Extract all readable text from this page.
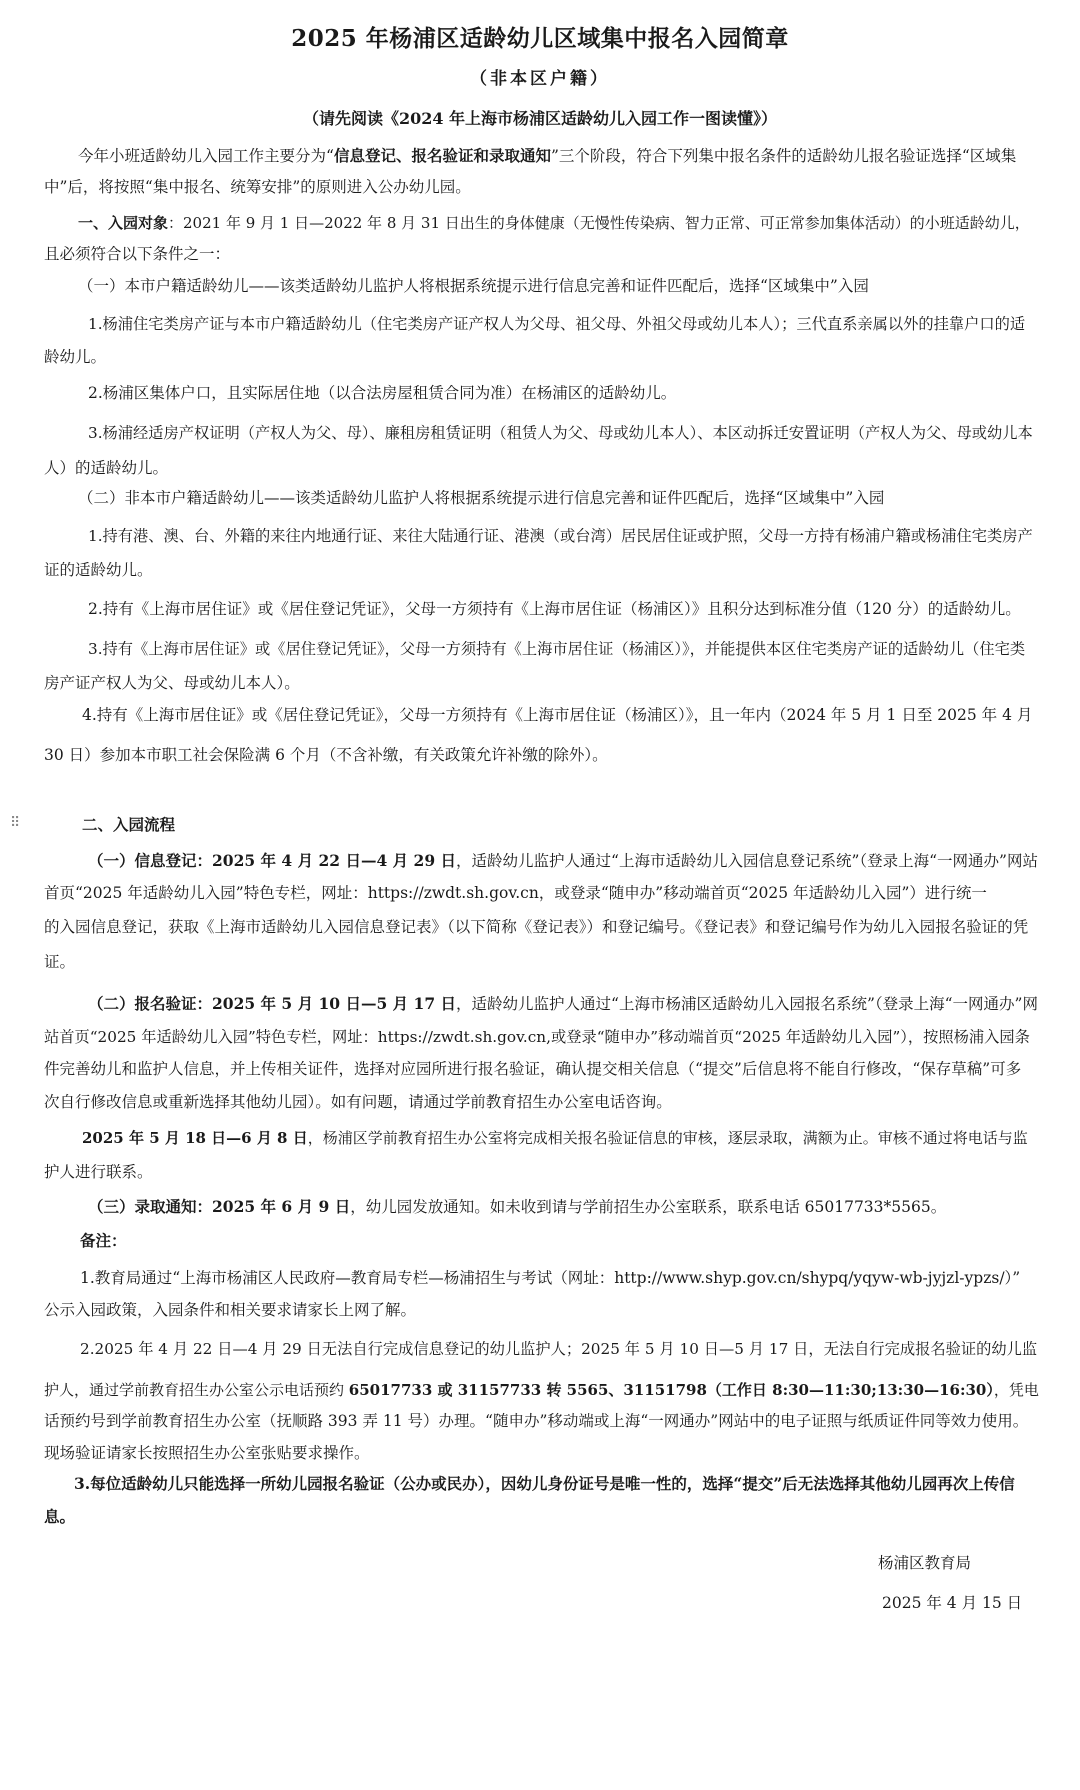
2025 年杨浦区适龄幼儿区域集中报名入园简章
（非本区户籍）
（请先阅读《2024 年上海市杨浦区适龄幼儿入园工作一图读懂》）
今年小班适龄幼儿入园工作主要分为“信息登记、报名验证和录取通知”三个阶段，符合下列集中报名条件的适龄幼儿报名验证选择“区域集
中”后，将按照“集中报名、统筹安排”的原则进入公办幼儿园。
一、入园对象：2021 年 9 月 1 日—2022 年 8 月 31 日出生的身体健康（无慢性传染病、智力正常、可正常参加集体活动）的小班适龄幼儿，
且必须符合以下条件之一：
（一）本市户籍适龄幼儿——该类适龄幼儿监护人将根据系统提示进行信息完善和证件匹配后，选择“区域集中”入园
1.杨浦住宅类房产证与本市户籍适龄幼儿（住宅类房产证产权人为父母、祖父母、外祖父母或幼儿本人）；三代直系亲属以外的挂靠户口的适
龄幼儿。
2.杨浦区集体户口，且实际居住地（以合法房屋租赁合同为准）在杨浦区的适龄幼儿。
3.杨浦经适房产权证明（产权人为父、母）、廉租房租赁证明（租赁人为父、母或幼儿本人）、本区动拆迁安置证明（产权人为父、母或幼儿本
人）的适龄幼儿。
（二）非本市户籍适龄幼儿——该类适龄幼儿监护人将根据系统提示进行信息完善和证件匹配后，选择“区域集中”入园
1.持有港、澳、台、外籍的来往内地通行证、来往大陆通行证、港澳（或台湾）居民居住证或护照，父母一方持有杨浦户籍或杨浦住宅类房产
证的适龄幼儿。
2.持有《上海市居住证》或《居住登记凭证》，父母一方须持有《上海市居住证（杨浦区）》且积分达到标准分值（120 分）的适龄幼儿。
3.持有《上海市居住证》或《居住登记凭证》，父母一方须持有《上海市居住证（杨浦区）》，并能提供本区住宅类房产证的适龄幼儿（住宅类
房产证产权人为父、母或幼儿本人）。
4.持有《上海市居住证》或《居住登记凭证》，父母一方须持有《上海市居住证（杨浦区）》，且一年内（2024 年 5 月 1 日至 2025 年 4 月
30 日）参加本市职工社会保险满 6 个月（不含补缴，有关政策允许补缴的除外）。
⠿	二、入园流程
（一）信息登记：2025 年 4 月 22 日—4 月 29 日，适龄幼儿监护人通过“上海市适龄幼儿入园信息登记系统”（登录上海“一网通办”网站
首页“2025 年适龄幼儿入园”特色专栏，网址：https://zwdt.sh.gov.cn，或登录“随申办”移动端首页“2025 年适龄幼儿入园”）进行统一
的入园信息登记，获取《上海市适龄幼儿入园信息登记表》（以下简称《登记表》）和登记编号。《登记表》和登记编号作为幼儿入园报名验证的凭
证。
（二）报名验证：2025 年 5 月 10 日—5 月 17 日，适龄幼儿监护人通过“上海市杨浦区适龄幼儿入园报名系统”（登录上海“一网通办”网
站首页“2025 年适龄幼儿入园”特色专栏，网址：https://zwdt.sh.gov.cn,或登录“随申办”移动端首页“2025 年适龄幼儿入园”），按照杨浦入园条
件完善幼儿和监护人信息，并上传相关证件，选择对应园所进行报名验证，确认提交相关信息（“提交”后信息将不能自行修改，“保存草稿”可多
次自行修改信息或重新选择其他幼儿园）。如有问题，请通过学前教育招生办公室电话咨询。
2025 年 5 月 18 日—6 月 8 日，杨浦区学前教育招生办公室将完成相关报名验证信息的审核，逐层录取，满额为止。审核不通过将电话与监
护人进行联系。
（三）录取通知：2025 年 6 月 9 日，幼儿园发放通知。如未收到请与学前招生办公室联系，联系电话 65017733*5565。
备注：
1.教育局通过“上海市杨浦区人民政府—教育局专栏—杨浦招生与考试（网址：http://www.shyp.gov.cn/shypq/yqyw-wb-jyjzl-ypzs/）”
公示入园政策，入园条件和相关要求请家长上网了解。
2.2025 年 4 月 22 日—4 月 29 日无法自行完成信息登记的幼儿监护人；2025 年 5 月 10 日—5 月 17 日，无法自行完成报名验证的幼儿监
护人，通过学前教育招生办公室公示电话预约 65017733 或 31157733 转 5565、31151798（工作日 8:30—11:30;13:30—16:30），凭电
话预约号到学前教育招生办公室（抚顺路 393 弄 11 号）办理。“随申办”移动端或上海“一网通办”网站中的电子证照与纸质证件同等效力使用。
现场验证请家长按照招生办公室张贴要求操作。
3.每位适龄幼儿只能选择一所幼儿园报名验证（公办或民办），因幼儿身份证号是唯一性的，选择“提交”后无法选择其他幼儿园再次上传信
息。
杨浦区教育局
2025 年 4 月 15 日
